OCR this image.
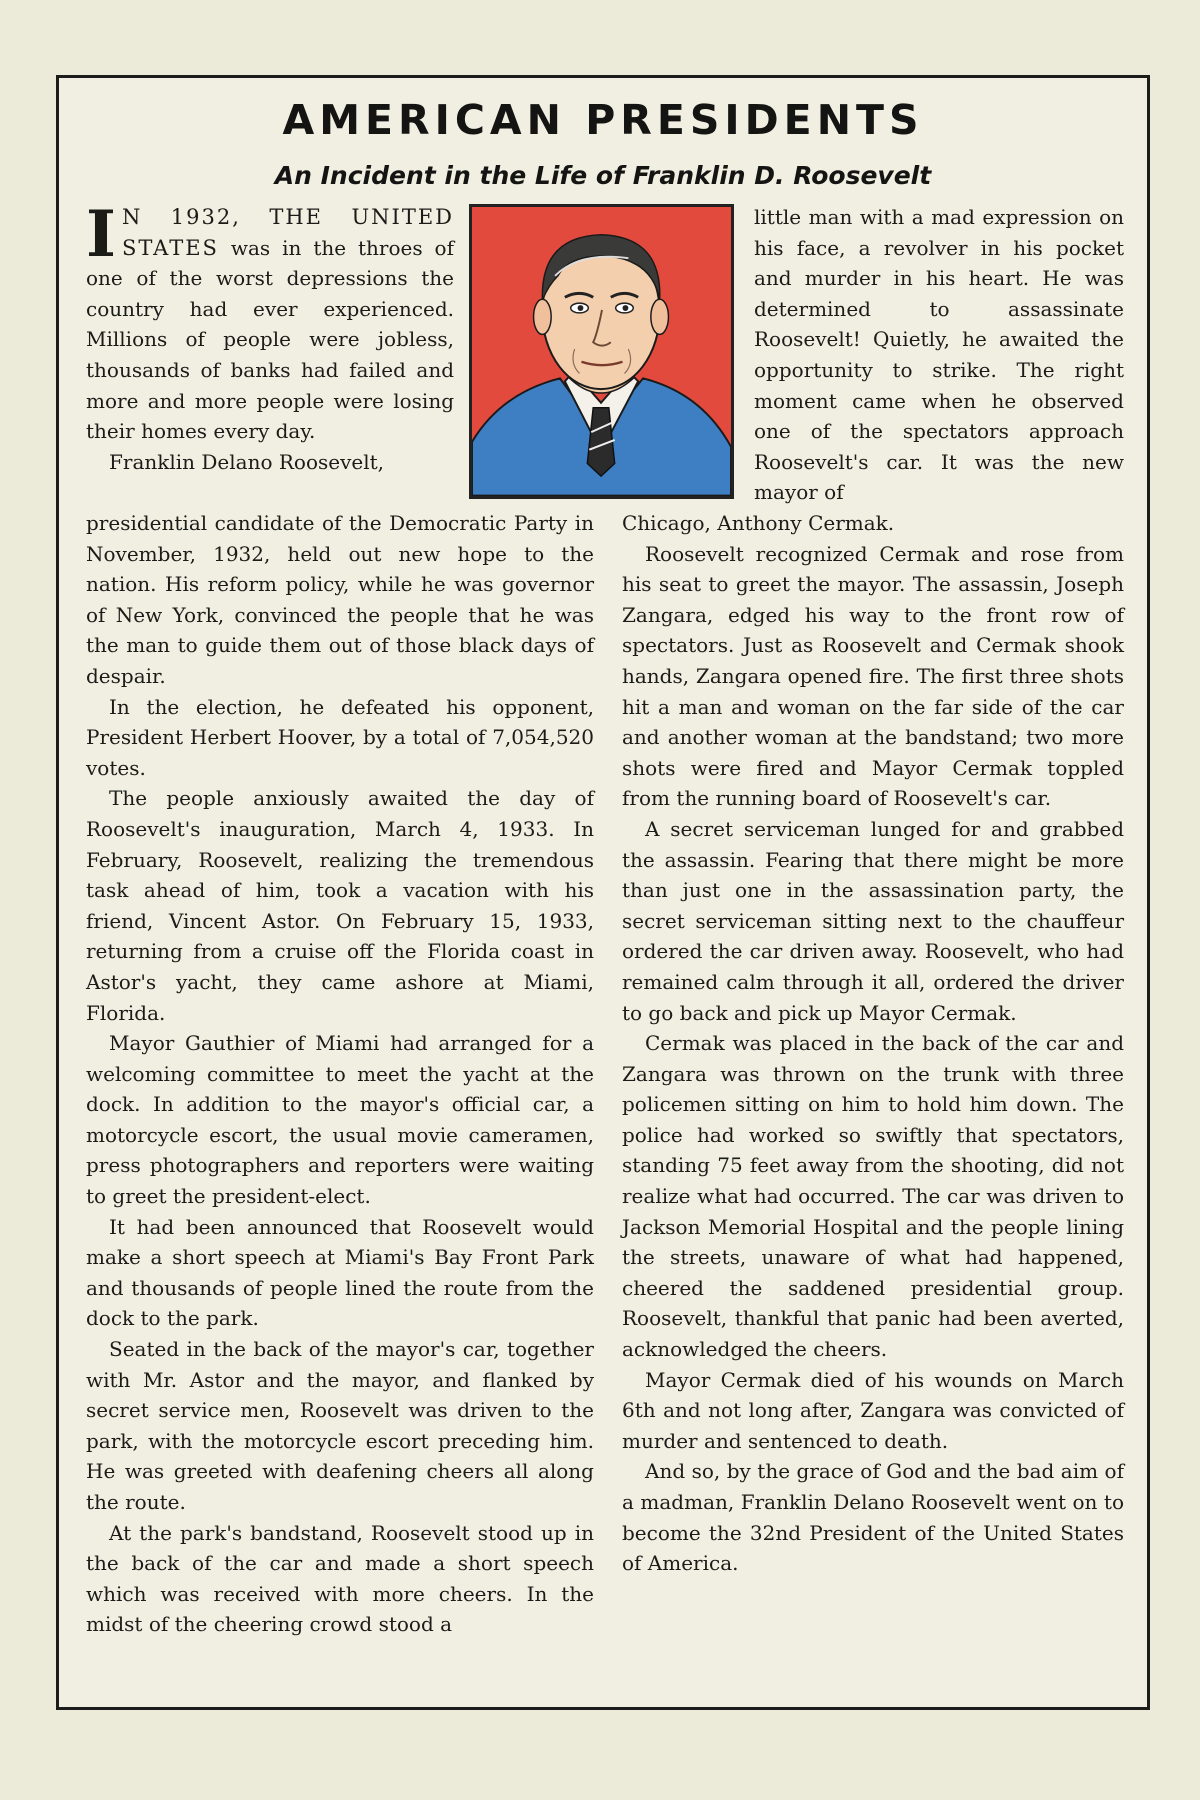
AMERICAN PRESIDENTS
An Incident in the Life of Franklin D. Roosevelt

I N 1932, THE UNITED STATES was in the throes of one of the worst depressions the country had ever experienced. Millions of people were jobless, thousands of banks had failed and more and more people were losing their homes every day.

Franklin Delano Roosevelt,

little man with a mad expression on his face, a revolver in his pocket and murder in his heart. He was determined to assassinate Roosevelt! Quietly, he awaited the opportunity to strike. The right moment came when he observed one of the spectators approach Roosevelt's car. It was the new mayor of

presidential candidate of the Democratic Party in November, 1932, held out new hope to the nation. His reform policy, while he was governor of New York, convinced the people that he was the man to guide them out of those black days of despair.

In the election, he defeated his opponent, President Herbert Hoover, by a total of 7,054,520 votes.

The people anxiously awaited the day of Roosevelt's inauguration, March 4, 1933. In February, Roosevelt, realizing the tremendous task ahead of him, took a vacation with his friend, Vincent Astor. On February 15, 1933, returning from a cruise off the Florida coast in Astor's yacht, they came ashore at Miami, Florida.

Mayor Gauthier of Miami had arranged for a welcoming committee to meet the yacht at the dock. In addition to the mayor's official car, a motorcycle escort, the usual movie cameramen, press photographers and reporters were waiting to greet the president-elect.

It had been announced that Roosevelt would make a short speech at Miami's Bay Front Park and thousands of people lined the route from the dock to the park.

Seated in the back of the mayor's car, together with Mr. Astor and the mayor, and flanked by secret service men, Roosevelt was driven to the park, with the motorcycle escort preceding him. He was greeted with deafening cheers all along the route.

At the park's bandstand, Roosevelt stood up in the back of the car and made a short speech which was received with more cheers. In the midst of the cheering crowd stood a

Chicago, Anthony Cermak.

Roosevelt recognized Cermak and rose from his seat to greet the mayor. The assassin, Joseph Zangara, edged his way to the front row of spectators. Just as Roosevelt and Cermak shook hands, Zangara opened fire. The first three shots hit a man and woman on the far side of the car and another woman at the bandstand; two more shots were fired and Mayor Cermak toppled from the running board of Roosevelt's car.

A secret serviceman lunged for and grabbed the assassin. Fearing that there might be more than just one in the assassination party, the secret serviceman sitting next to the chauffeur ordered the car driven away. Roosevelt, who had remained calm through it all, ordered the driver to go back and pick up Mayor Cermak.

Cermak was placed in the back of the car and Zangara was thrown on the trunk with three policemen sitting on him to hold him down. The police had worked so swiftly that spectators, standing 75 feet away from the shooting, did not realize what had occurred. The car was driven to Jackson Memorial Hospital and the people lining the streets, unaware of what had happened, cheered the saddened presidential group. Roosevelt, thankful that panic had been averted, acknowledged the cheers.

Mayor Cermak died of his wounds on March 6th and not long after, Zangara was convicted of murder and sentenced to death.

And so, by the grace of God and the bad aim of a madman, Franklin Delano Roosevelt went on to become the 32nd President of the United States of America.
